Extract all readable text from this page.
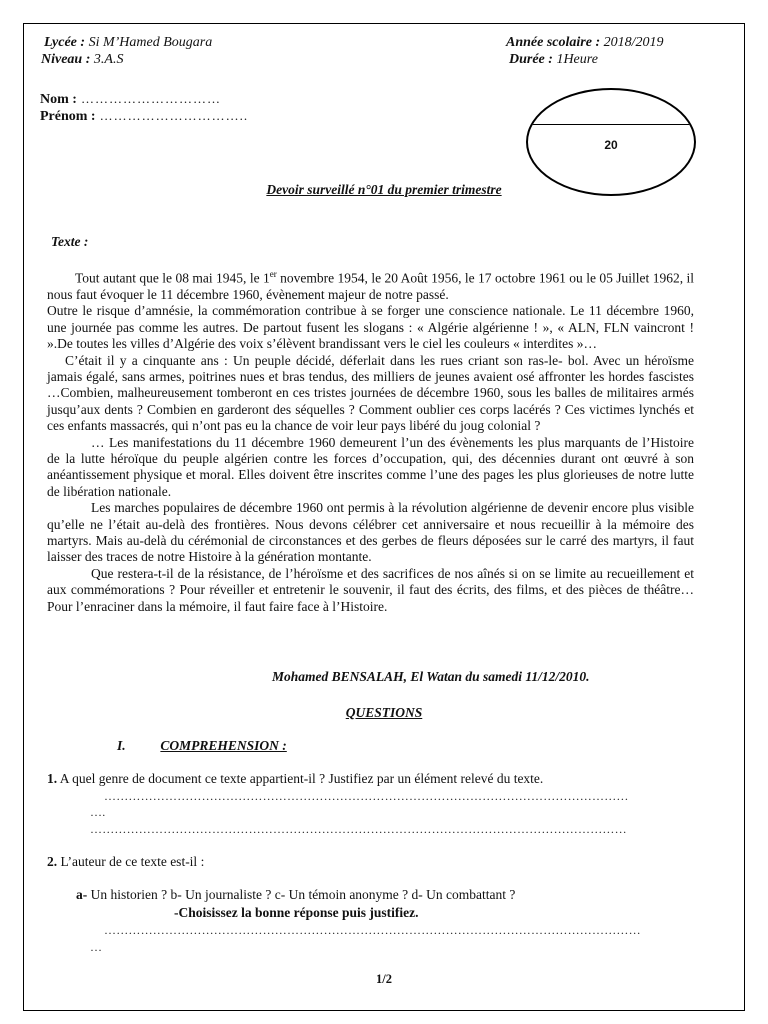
Lycée : Si M’Hamed Bougara
Niveau : 3.A.S
Année scolaire : 2018/2019
Durée : 1Heure
Nom : …………………………
Prénom : …………………………..
20
Devoir surveillé n°01 du premier trimestre
Texte :

Tout autant que le 08 mai 1945, le 1er novembre 1954, le 20 Août 1956, le 17 octobre 1961 ou le 05 Juillet 1962, il nous faut évoquer le 11 décembre 1960, évènement majeur de notre passé.

Outre le risque d’amnésie, la commémoration contribue à se forger une conscience nationale. Le 11 décembre 1960, une journée pas comme les autres. De partout fusent les slogans : « Algérie algérienne ! », « ALN, FLN vaincront ! ».De toutes les villes d’Algérie des voix s’élèvent brandissant vers le ciel les couleurs « interdites »…

C’était il y a cinquante ans : Un peuple décidé, déferlait dans les rues criant son ras-le- bol. Avec un héroïsme jamais égalé, sans armes, poitrines nues et bras tendus, des milliers de jeunes avaient osé affronter les hordes fascistes …Combien, malheureusement tomberont en ces tristes journées de décembre 1960, sous les balles de militaires armés jusqu’aux dents ? Combien en garderont des séquelles ? Comment oublier ces corps lacérés ? Ces victimes lynchés et ces enfants massacrés, qui n’ont pas eu la chance de voir leur pays libéré du joug colonial ?

… Les manifestations du 11 décembre 1960 demeurent l’un des évènements les plus marquants de l’Histoire de la lutte héroïque du peuple algérien contre les forces d’occupation, qui, des décennies durant ont œuvré à son anéantissement physique et moral. Elles doivent être inscrites comme l’une des pages les plus glorieuses de notre lutte de libération nationale.

Les marches populaires de décembre 1960 ont permis à la révolution algérienne de devenir encore plus visible qu’elle ne l’était au-delà des frontières. Nous devons célébrer cet anniversaire et nous recueillir à la mémoire des martyrs. Mais au-delà du cérémonial de circonstances et des gerbes de fleurs déposées sur le carré des martyrs, il faut laisser des traces de notre Histoire à la génération montante.

Que restera-t-il de la résistance, de l’héroïsme et des sacrifices de nos aînés si on se limite au recueillement et aux commémorations ? Pour réveiller et entretenir le souvenir, il faut des écrits, des films, et des pièces de théâtre…Pour l’enraciner dans la mémoire, il faut faire face à l’Histoire.

Mohamed BENSALAH, El Watan du samedi 11/12/2010.
QUESTIONS
I.	COMPREHENSION :
1. A quel genre de document ce texte appartient-il ? Justifiez par un élément relevé du texte.
…………………………………………………………………………………………………………………
….
……………………………………………………………………………………………………………………
2. L’auteur de ce texte est-il :
a- Un historien ? b- Un journaliste ? c- Un témoin anonyme ? d- Un combattant ?
-Choisissez la bonne réponse puis justifiez.
……………………………………………………………………………………………………………………
…
1/2
